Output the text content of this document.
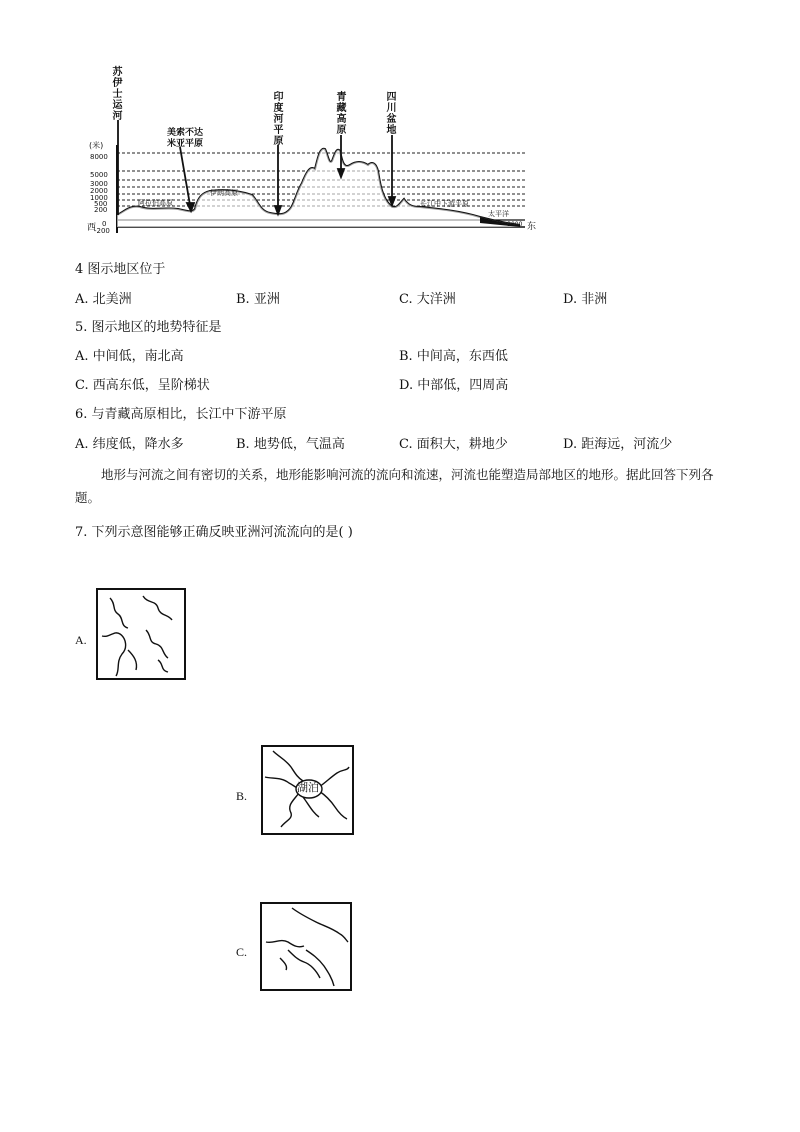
苏伊士运河
印度河平原
青藏高原
四川盆地
美索不达
米亚平原
(米)
阿拉伯高原
伊朗高原
长江中下游平原
太平洋
-3000
西	东
8000
5000
3000
2000
1000
500
200
0
-200
4 图示地区位于
A. 北美洲	B. 亚洲	C. 大洋洲	D. 非洲
5. 图示地区的地势特征是
A. 中间低，南北高	B. 中间高，东西低
C. 西高东低，呈阶梯状	D. 中部低，四周高
6. 与青藏高原相比，长江中下游平原
A. 纬度低，降水多	B. 地势低，气温高	C. 面积大，耕地少	D. 距海远，河流少
地形与河流之间有密切的关系，地形能影响河流的流向和流速，河流也能塑造局部地区的地形。据此回答下列各题。
7. 下列示意图能够正确反映亚洲河流流向的是( )
A.
B.
湖泊
C.
